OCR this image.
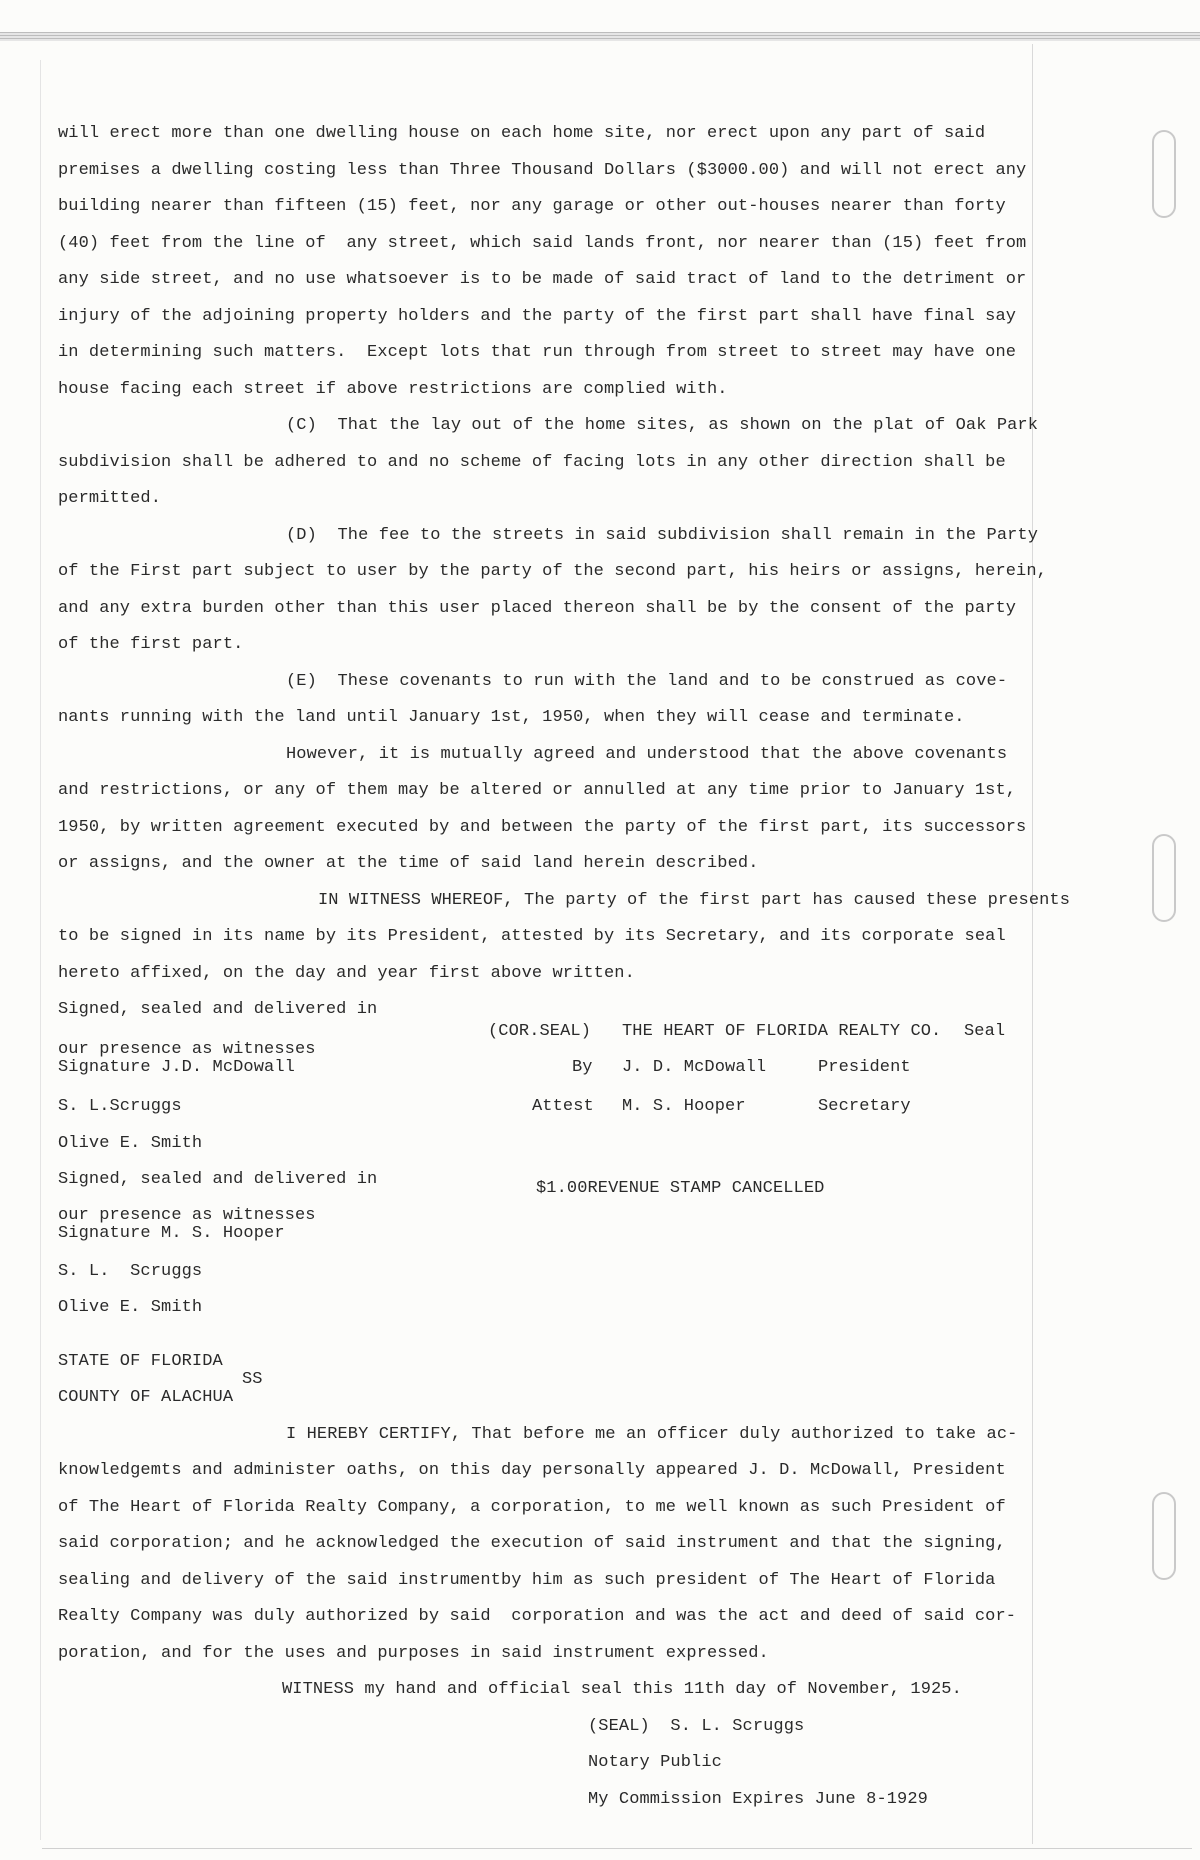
will erect more than one dwelling house on each home site, nor erect upon any part of said
premises a dwelling costing less than Three Thousand Dollars ($3000.00) and will not erect any
building nearer than fifteen (15) feet, nor any garage or other out-houses nearer than forty
(40) feet from the line of  any street, which said lands front, nor nearer than (15) feet from
any side street, and no use whatsoever is to be made of said tract of land to the detriment or
injury of the adjoining property holders and the party of the first part shall have final say
in determining such matters.  Except lots that run through from street to street may have one
house facing each street if above restrictions are complied with.
(C)  That the lay out of the home sites, as shown on the plat of Oak Park
subdivision shall be adhered to and no scheme of facing lots in any other direction shall be
permitted.
(D)  The fee to the streets in said subdivision shall remain in the Party
of the First part subject to user by the party of the second part, his heirs or assigns, herein,
and any extra burden other than this user placed thereon shall be by the consent of the party
of the first part.
(E)  These covenants to run with the land and to be construed as cove-
nants running with the land until January 1st, 1950, when they will cease and terminate.
However, it is mutually agreed and understood that the above covenants
and restrictions, or any of them may be altered or annulled at any time prior to January 1st,
1950, by written agreement executed by and between the party of the first part, its successors
or assigns, and the owner at the time of said land herein described.
IN WITNESS WHEREOF, The party of the first part has caused these presents
to be signed in its name by its President, attested by its Secretary, and its corporate seal
hereto affixed, on the day and year first above written.
Signed, sealed and delivered in
our presence as witnesses
Signature J.D. McDowall
S. L.Scruggs
Olive E. Smith
(COR.SEAL) THE HEART OF FLORIDA REALTY CO. Seal
By J. D. McDowall	President
Attest M. S. Hooper	Secretary
$1.00REVENUE STAMP CANCELLED
Signed, sealed and delivered in
our presence as witnesses
Signature M. S. Hooper
S. L.  Scruggs
Olive E. Smith
STATE OF FLORIDA
SS
COUNTY OF ALACHUA
I HEREBY CERTIFY, That before me an officer duly authorized to take ac-
knowledgemts and administer oaths, on this day personally appeared J. D. McDowall, President
of The Heart of Florida Realty Company, a corporation, to me well known as such President of
said corporation; and he acknowledged the execution of said instrument and that the signing,
sealing and delivery of the said instrumentby him as such president of The Heart of Florida
Realty Company was duly authorized by said  corporation and was the act and deed of said cor-
poration, and for the uses and purposes in said instrument expressed.
WITNESS my hand and official seal this 11th day of November, 1925.
(SEAL)  S. L. Scruggs
Notary Public
My Commission Expires June 8-1929
